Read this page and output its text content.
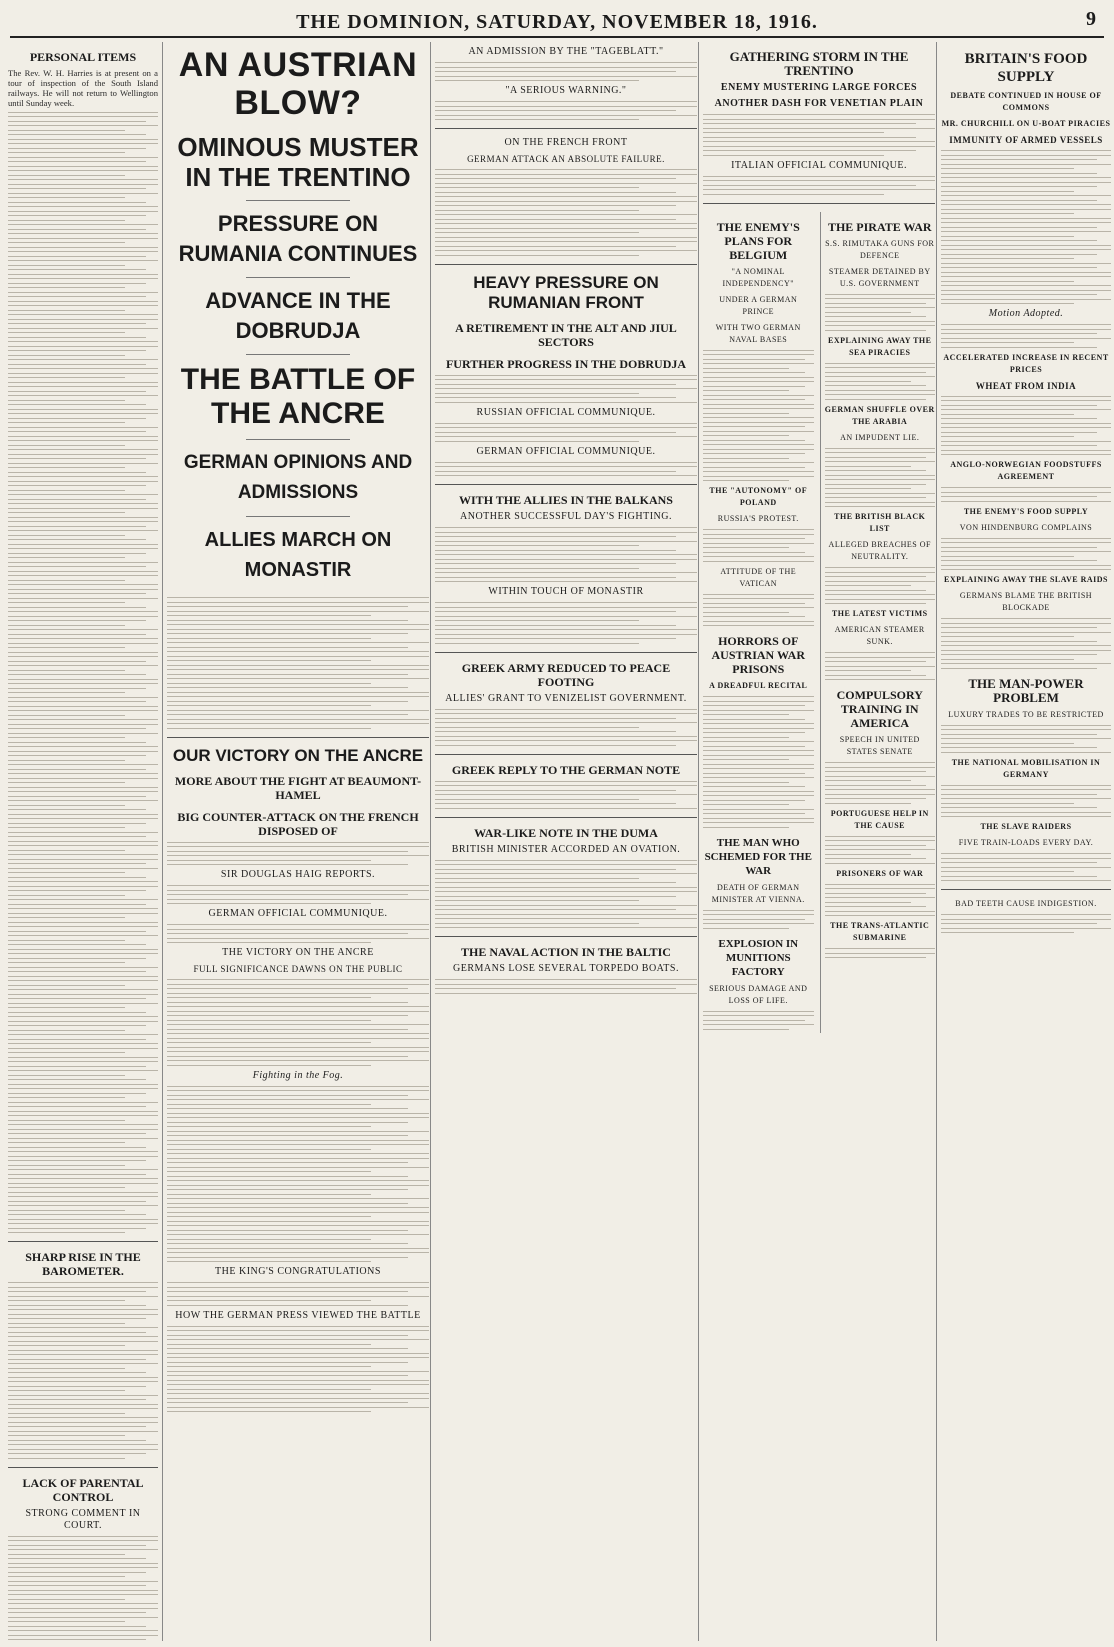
THE DOMINION, SATURDAY, NOVEMBER 18, 1916.	9
PERSONAL ITEMS
The Rev. W. H. Harries is at present on a tour of inspection of the South Island railways. He will not return to Wellington until Sunday week.
SHARP RISE IN THE BAROMETER.
LACK OF PARENTAL CONTROL
STRONG COMMENT IN COURT.
AN AUSTRIAN BLOW?
OMINOUS MUSTER IN THE TRENTINO
PRESSURE ON RUMANIA CONTINUES
ADVANCE IN THE DOBRUDJA
THE BATTLE OF THE ANCRE
GERMAN OPINIONS AND ADMISSIONS
ALLIES MARCH ON MONASTIR
OUR VICTORY ON THE ANCRE
MORE ABOUT THE FIGHT AT BEAUMONT-HAMEL
BIG COUNTER-ATTACK ON THE FRENCH DISPOSED OF
SIR DOUGLAS HAIG REPORTS.
GERMAN OFFICIAL COMMUNIQUE.
THE VICTORY ON THE ANCRE
FULL SIGNIFICANCE DAWNS ON THE PUBLIC
Fighting in the Fog.
THE KING'S CONGRATULATIONS
HOW THE GERMAN PRESS VIEWED THE BATTLE
AN ADMISSION BY THE "TAGEBLATT."
"A SERIOUS WARNING."
ON THE FRENCH FRONT
GERMAN ATTACK AN ABSOLUTE FAILURE.
HEAVY PRESSURE ON RUMANIAN FRONT
A RETIREMENT IN THE ALT AND JIUL SECTORS
FURTHER PROGRESS IN THE DOBRUDJA
RUSSIAN OFFICIAL COMMUNIQUE.
GERMAN OFFICIAL COMMUNIQUE.
WITH THE ALLIES IN THE BALKANS
ANOTHER SUCCESSFUL DAY'S FIGHTING.
WITHIN TOUCH OF MONASTIR
GREEK ARMY REDUCED TO PEACE FOOTING
ALLIES' GRANT TO VENIZELIST GOVERNMENT.
GREEK REPLY TO THE GERMAN NOTE
WAR-LIKE NOTE IN THE DUMA
BRITISH MINISTER ACCORDED AN OVATION.
THE NAVAL ACTION IN THE BALTIC
GERMANS LOSE SEVERAL TORPEDO BOATS.
GATHERING STORM IN THE TRENTINO
ENEMY MUSTERING LARGE FORCES
ANOTHER DASH FOR VENETIAN PLAIN
ITALIAN OFFICIAL COMMUNIQUE.
THE ENEMY'S PLANS FOR BELGIUM
"A NOMINAL INDEPENDENCY"
UNDER A GERMAN PRINCE
WITH TWO GERMAN NAVAL BASES
THE "AUTONOMY" OF POLAND
RUSSIA'S PROTEST.
ATTITUDE OF THE VATICAN
HORRORS OF AUSTRIAN WAR PRISONS
A DREADFUL RECITAL
THE MAN WHO SCHEMED FOR THE WAR
DEATH OF GERMAN MINISTER AT VIENNA.
EXPLOSION IN MUNITIONS FACTORY
SERIOUS DAMAGE AND LOSS OF LIFE.
THE PIRATE WAR
S.S. RIMUTAKA GUNS FOR DEFENCE
STEAMER DETAINED BY U.S. GOVERNMENT
EXPLAINING AWAY THE SEA PIRACIES
GERMAN SHUFFLE OVER THE ARABIA
AN IMPUDENT LIE.
THE BRITISH BLACK LIST
ALLEGED BREACHES OF NEUTRALITY.
THE LATEST VICTIMS
AMERICAN STEAMER SUNK.
COMPULSORY TRAINING IN AMERICA
SPEECH IN UNITED STATES SENATE
PORTUGUESE HELP IN THE CAUSE
PRISONERS OF WAR
THE TRANS-ATLANTIC SUBMARINE
BRITAIN'S FOOD SUPPLY
DEBATE CONTINUED IN HOUSE OF COMMONS
MR. CHURCHILL ON U-BOAT PIRACIES
IMMUNITY OF ARMED VESSELS
Motion Adopted.
ACCELERATED INCREASE IN RECENT PRICES
WHEAT FROM INDIA
ANGLO-NORWEGIAN FOODSTUFFS AGREEMENT
THE ENEMY'S FOOD SUPPLY
VON HINDENBURG COMPLAINS
EXPLAINING AWAY THE SLAVE RAIDS
GERMANS BLAME THE BRITISH BLOCKADE
THE MAN-POWER PROBLEM
LUXURY TRADES TO BE RESTRICTED
THE NATIONAL MOBILISATION IN GERMANY
THE SLAVE RAIDERS
FIVE TRAIN-LOADS EVERY DAY.
BAD TEETH CAUSE INDIGESTION.
